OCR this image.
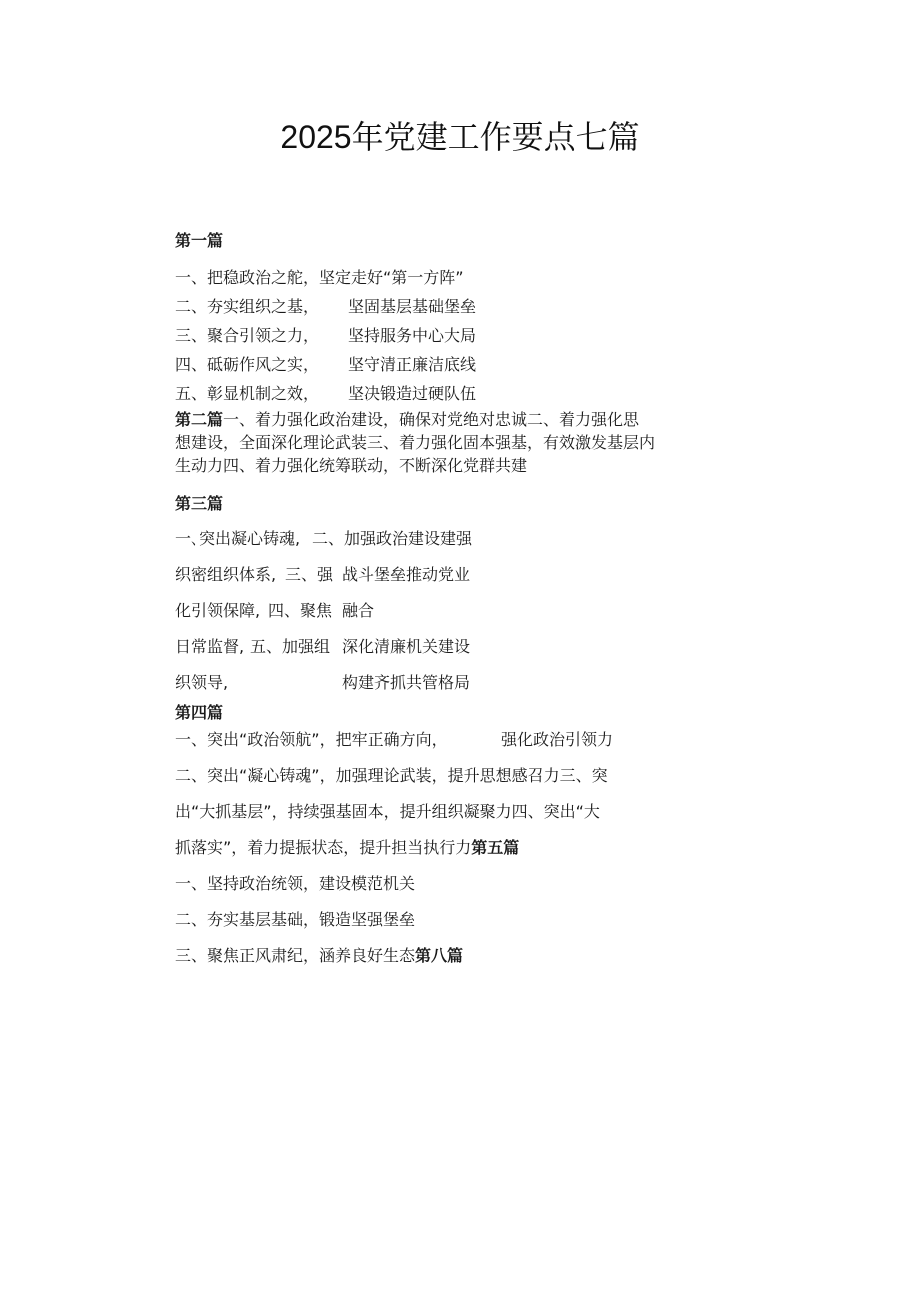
2025年党建工作要点七篇
第一篇
一、把稳政治之舵，坚定走好“第一方阵”
二、夯实组织之基， 坚固基层基础堡垒
三、聚合引领之力， 坚持服务中心大局
四、砥砺作风之实， 坚守清正廉洁底线
五、彰显机制之效， 坚决锻造过硬队伍
第二篇一、着力强化政治建设，确保对党绝对忠诚二、着力强化思想建设，全面深化理论武装三、着力强化固本强基，有效激发基层内生动力四、着力强化统筹联动，不断深化党群共建
第三篇
一､突出凝心铸魂, 二、加强政治建设建强
织密组织体系, 三、强 战斗堡垒推动党业
化引领保障, 四、聚焦 融合
日常监督, 五、加强组 深化清廉机关建设
织领导,	构建齐抓共管格局
第四篇
一、突出“政治领航”，把牢正确方向，	强化政治引领力
二、突出“凝心铸魂”，加强理论武装，提升思想感召力三、突
出“大抓基层”，持续强基固本，提升组织凝聚力四、突出“大
抓落实”，着力提振状态，提升担当执行力第五篇
一、坚持政治统领，建设模范机关
二、夯实基层基础，锻造坚强堡垒
三、聚焦正风肃纪，涵养良好生态第八篇
